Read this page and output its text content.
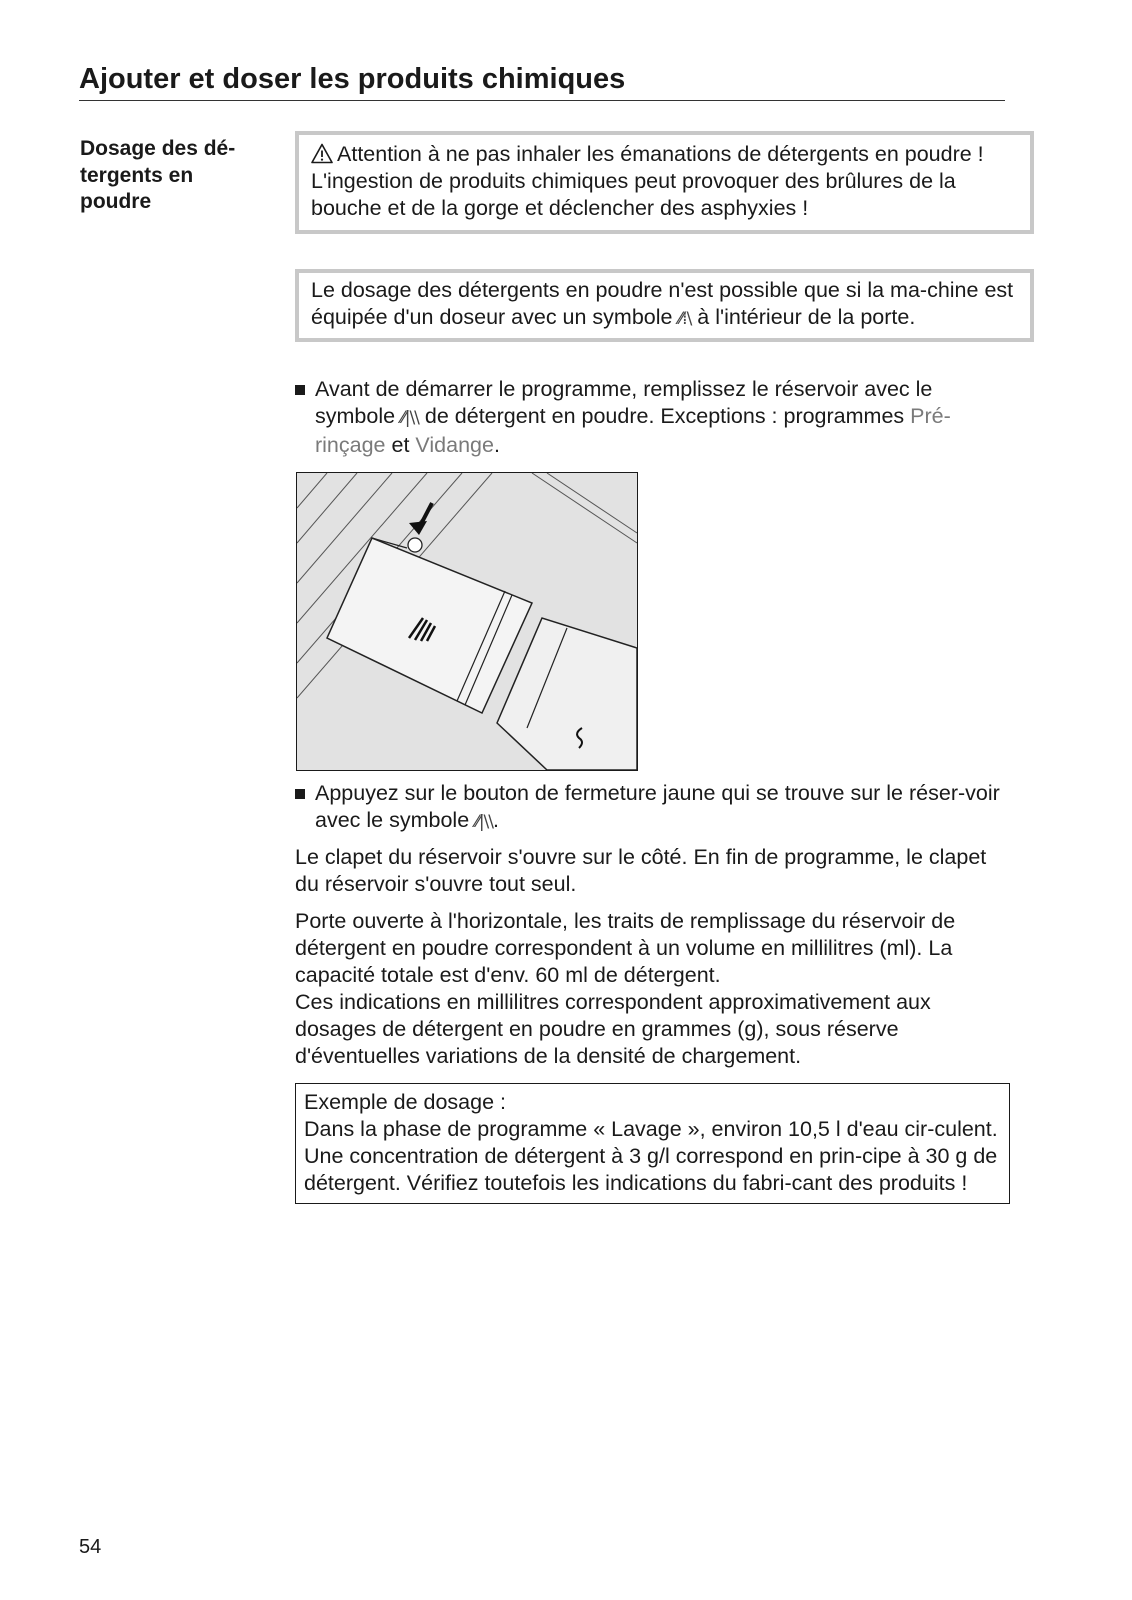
Ajouter et doser les produits chimiques
Dosage des dé-tergents en poudre

Attention à ne pas inhaler les émanations de détergents en poudre !

L'ingestion de produits chimiques peut provoquer des brûlures de la bouche et de la gorge et déclencher des asphyxies !

Le dosage des détergents en poudre n'est possible que si la ma-chine est équipée d'un doseur avec un symbole ⁄⁄⁞\ à l'intérieur de la porte.

Avant de démarrer le programme, remplissez le réservoir avec le symbole ⁄⁄|\\ de détergent en poudre. Exceptions : programmes Pré-rinçage et Vidange.
Appuyez sur le bouton de fermeture jaune qui se trouve sur le réser-voir avec le symbole ⁄⁄|\\.

Le clapet du réservoir s'ouvre sur le côté. En fin de programme, le clapet du réservoir s'ouvre tout seul.

Porte ouverte à l'horizontale, les traits de remplissage du réservoir de détergent en poudre correspondent à un volume en millilitres (ml). La capacité totale est d'env. 60 ml de détergent.
Ces indications en millilitres correspondent approximativement aux dosages de détergent en poudre en grammes (g), sous réserve d'éventuelles variations de la densité de chargement.

Exemple de dosage :

Dans la phase de programme « Lavage », environ 10,5 l d'eau cir-culent. Une concentration de détergent à 3 g/l correspond en prin-cipe à 30 g de détergent. Vérifiez toutefois les indications du fabri-cant des produits !

54
